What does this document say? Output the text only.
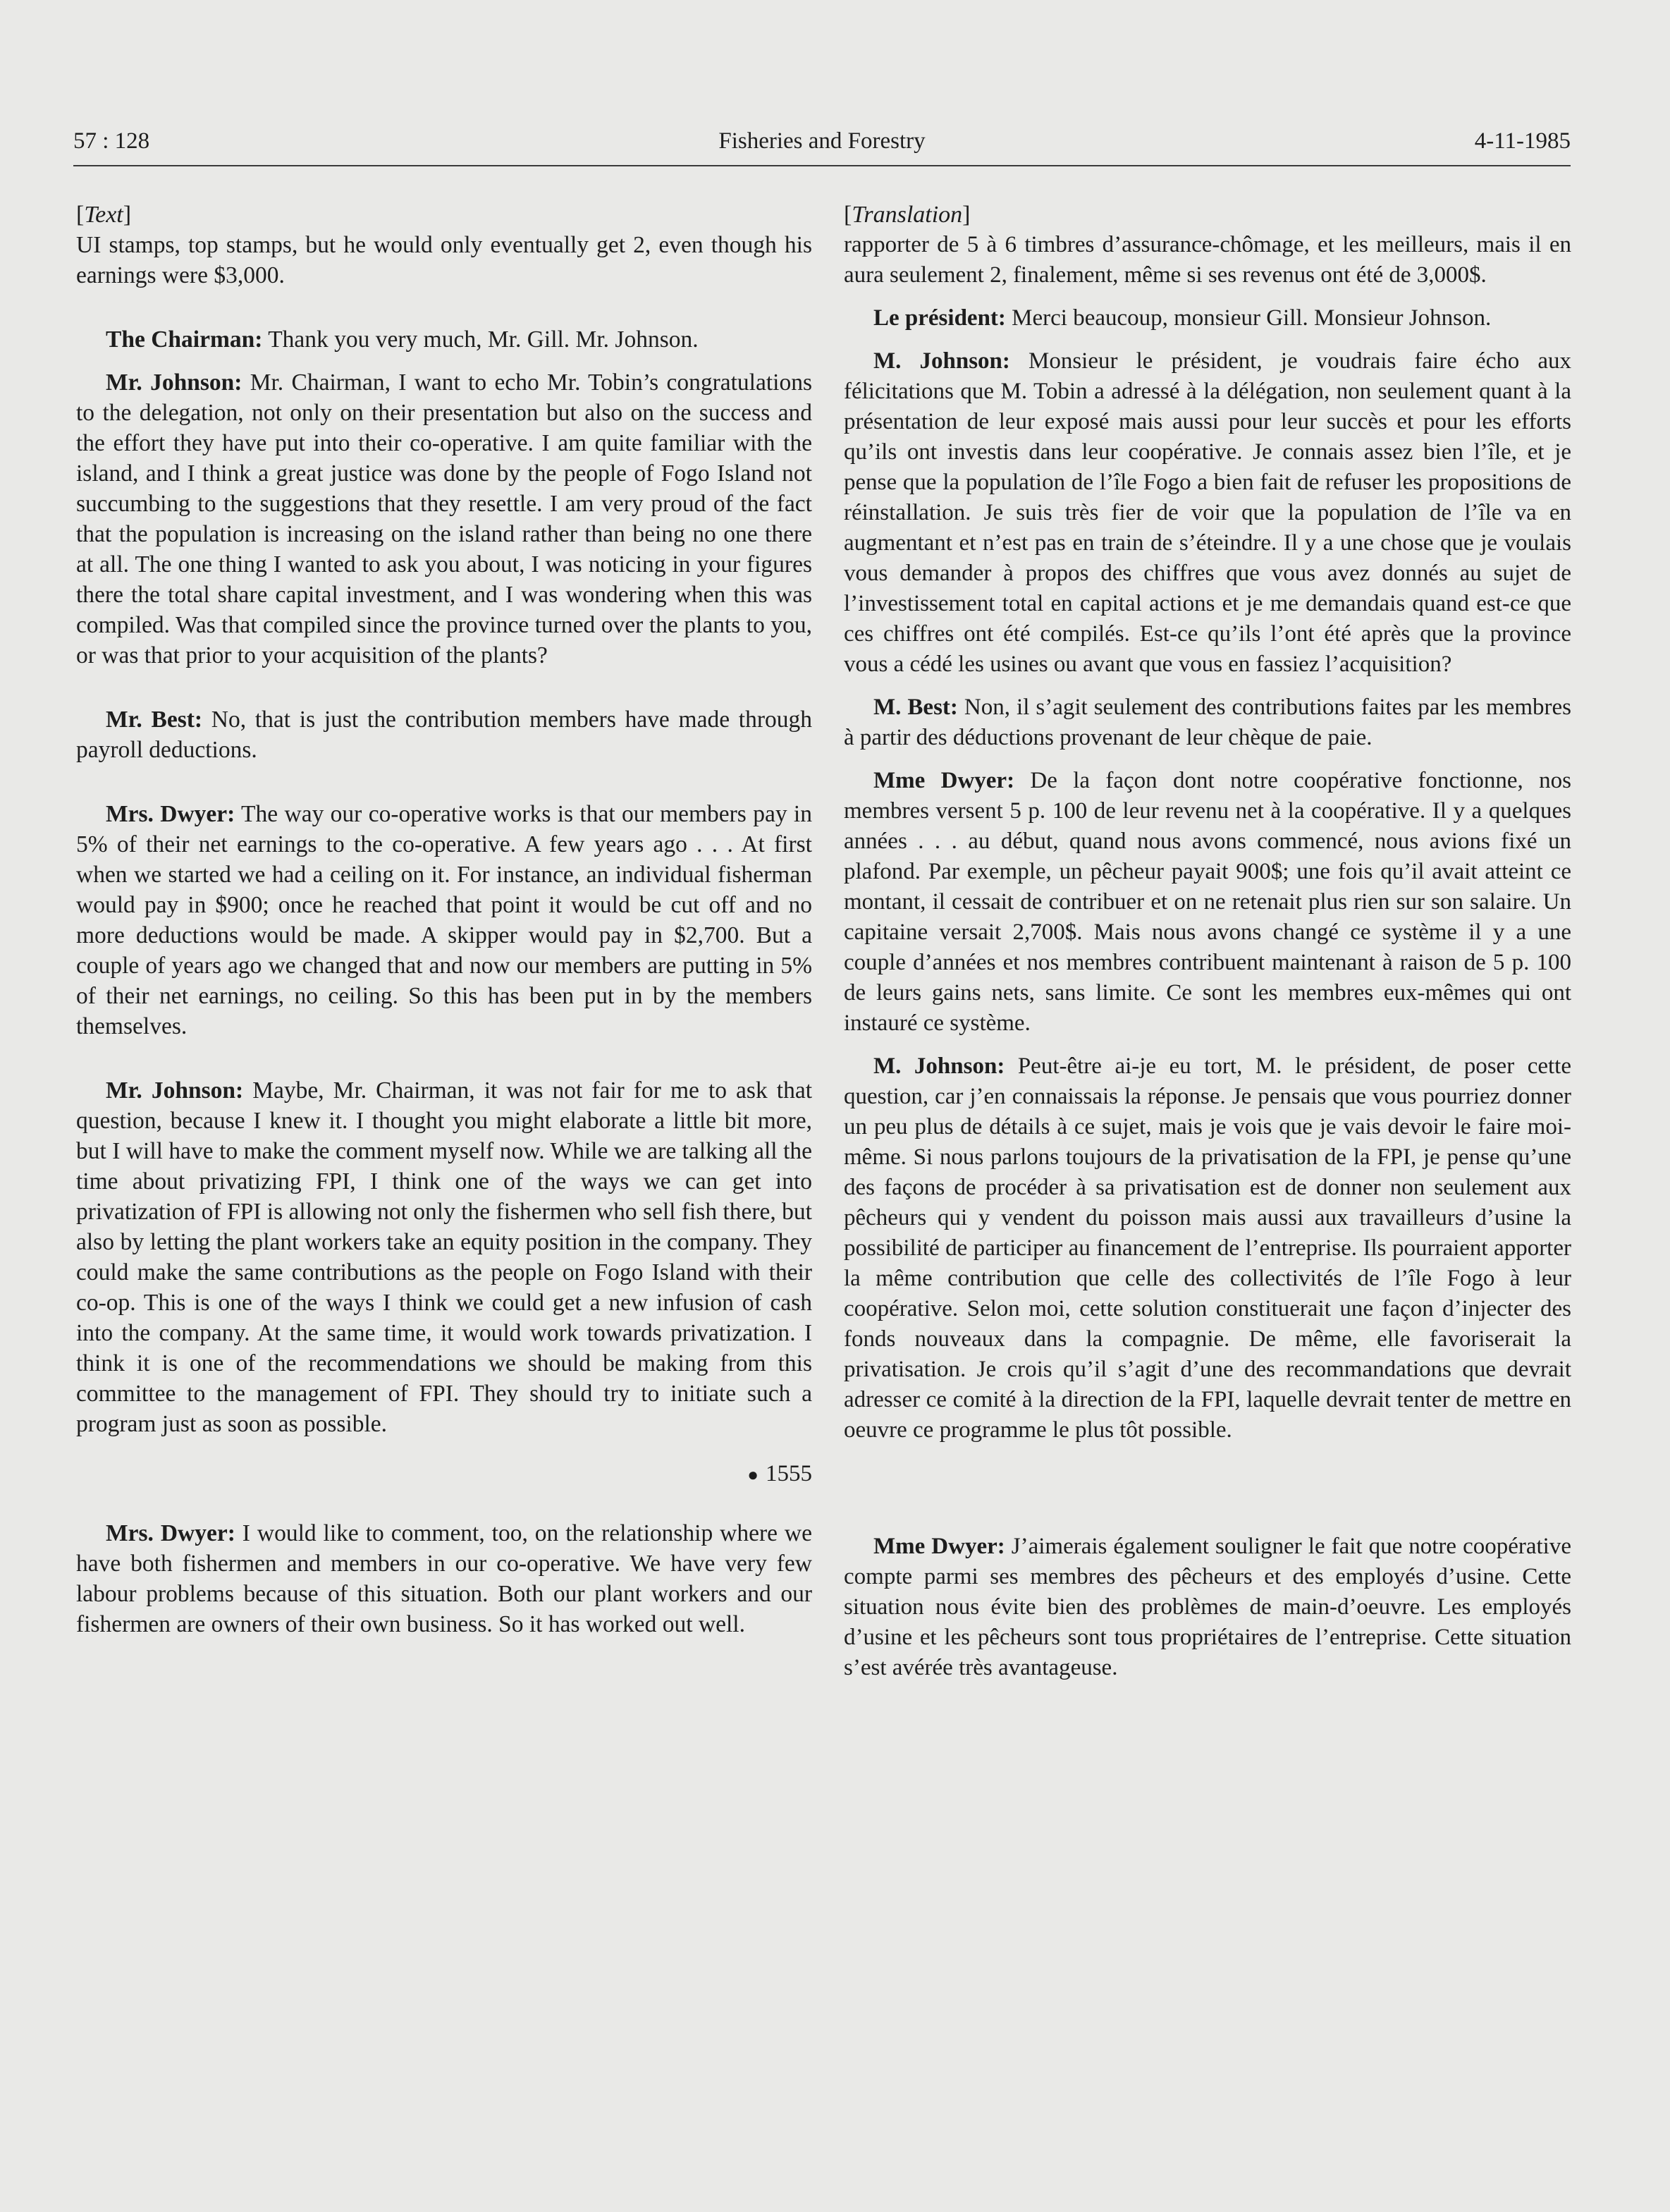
57 : 128	Fisheries and Forestry	4-11-1985
[Text]

UI stamps, top stamps, but he would only eventually get 2, even though his earnings were $3,000.

The Chairman: Thank you very much, Mr. Gill. Mr. Johnson.

Mr. Johnson: Mr. Chairman, I want to echo Mr. Tobin’s congratulations to the delegation, not only on their presentation but also on the success and the effort they have put into their co-operative. I am quite familiar with the island, and I think a great justice was done by the people of Fogo Island not succumbing to the suggestions that they resettle. I am very proud of the fact that the population is increasing on the island rather than being no one there at all. The one thing I wanted to ask you about, I was noticing in your figures there the total share capital investment, and I was wondering when this was compiled. Was that compiled since the province turned over the plants to you, or was that prior to your acquisition of the plants?

Mr. Best: No, that is just the contribution members have made through payroll deductions.

Mrs. Dwyer: The way our co-operative works is that our members pay in 5% of their net earnings to the co-operative. A few years ago . . . At first when we started we had a ceiling on it. For instance, an individual fisherman would pay in $900; once he reached that point it would be cut off and no more deductions would be made. A skipper would pay in $2,700. But a couple of years ago we changed that and now our members are putting in 5% of their net earnings, no ceiling. So this has been put in by the members themselves.

Mr. Johnson: Maybe, Mr. Chairman, it was not fair for me to ask that question, because I knew it. I thought you might elaborate a little bit more, but I will have to make the comment myself now. While we are talking all the time about privatizing FPI, I think one of the ways we can get into privatization of FPI is allowing not only the fishermen who sell fish there, but also by letting the plant workers take an equity position in the company. They could make the same contributions as the people on Fogo Island with their co-op. This is one of the ways I think we could get a new infusion of cash into the company. At the same time, it would work towards privatization. I think it is one of the recommendations we should be making from this committee to the management of FPI. They should try to initiate such a program just as soon as possible.

● 1555

Mrs. Dwyer: I would like to comment, too, on the relationship where we have both fishermen and members in our co-operative. We have very few labour problems because of this situation. Both our plant workers and our fishermen are owners of their own business. So it has worked out well.

[Translation]

rapporter de 5 à 6 timbres d’assurance-chômage, et les meilleurs, mais il en aura seulement 2, finalement, même si ses revenus ont été de 3,000$.

Le président: Merci beaucoup, monsieur Gill. Monsieur Johnson.

M. Johnson: Monsieur le président, je voudrais faire écho aux félicitations que M. Tobin a adressé à la délégation, non seulement quant à la présentation de leur exposé mais aussi pour leur succès et pour les efforts qu’ils ont investis dans leur coopérative. Je connais assez bien l’île, et je pense que la population de l’île Fogo a bien fait de refuser les propositions de réinstallation. Je suis très fier de voir que la population de l’île va en augmentant et n’est pas en train de s’éteindre. Il y a une chose que je voulais vous demander à propos des chiffres que vous avez donnés au sujet de l’investissement total en capital actions et je me demandais quand est-ce que ces chiffres ont été compilés. Est-ce qu’ils l’ont été après que la province vous a cédé les usines ou avant que vous en fassiez l’acquisition?

M. Best: Non, il s’agit seulement des contributions faites par les membres à partir des déductions provenant de leur chèque de paie.

Mme Dwyer: De la façon dont notre coopérative fonctionne, nos membres versent 5 p. 100 de leur revenu net à la coopérative. Il y a quelques années . . . au début, quand nous avons commencé, nous avions fixé un plafond. Par exemple, un pêcheur payait 900$; une fois qu’il avait atteint ce montant, il cessait de contribuer et on ne retenait plus rien sur son salaire. Un capitaine versait 2,700$. Mais nous avons changé ce système il y a une couple d’années et nos membres contribuent maintenant à raison de 5 p. 100 de leurs gains nets, sans limite. Ce sont les membres eux-mêmes qui ont instauré ce système.

M. Johnson: Peut-être ai-je eu tort, M. le président, de poser cette question, car j’en connaissais la réponse. Je pensais que vous pourriez donner un peu plus de détails à ce sujet, mais je vois que je vais devoir le faire moi-même. Si nous parlons toujours de la privatisation de la FPI, je pense qu’une des façons de procéder à sa privatisation est de donner non seulement aux pêcheurs qui y vendent du poisson mais aussi aux travailleurs d’usine la possibilité de participer au financement de l’entreprise. Ils pourraient apporter la même contribution que celle des collectivités de l’île Fogo à leur coopérative. Selon moi, cette solution constituerait une façon d’injecter des fonds nouveaux dans la compagnie. De même, elle favoriserait la privatisation. Je crois qu’il s’agit d’une des recommandations que devrait adresser ce comité à la direction de la FPI, laquelle devrait tenter de mettre en oeuvre ce programme le plus tôt possible.

Mme Dwyer: J’aimerais également souligner le fait que notre coopérative compte parmi ses membres des pêcheurs et des employés d’usine. Cette situation nous évite bien des problèmes de main-d’oeuvre. Les employés d’usine et les pêcheurs sont tous propriétaires de l’entreprise. Cette situation s’est avérée très avantageuse.
